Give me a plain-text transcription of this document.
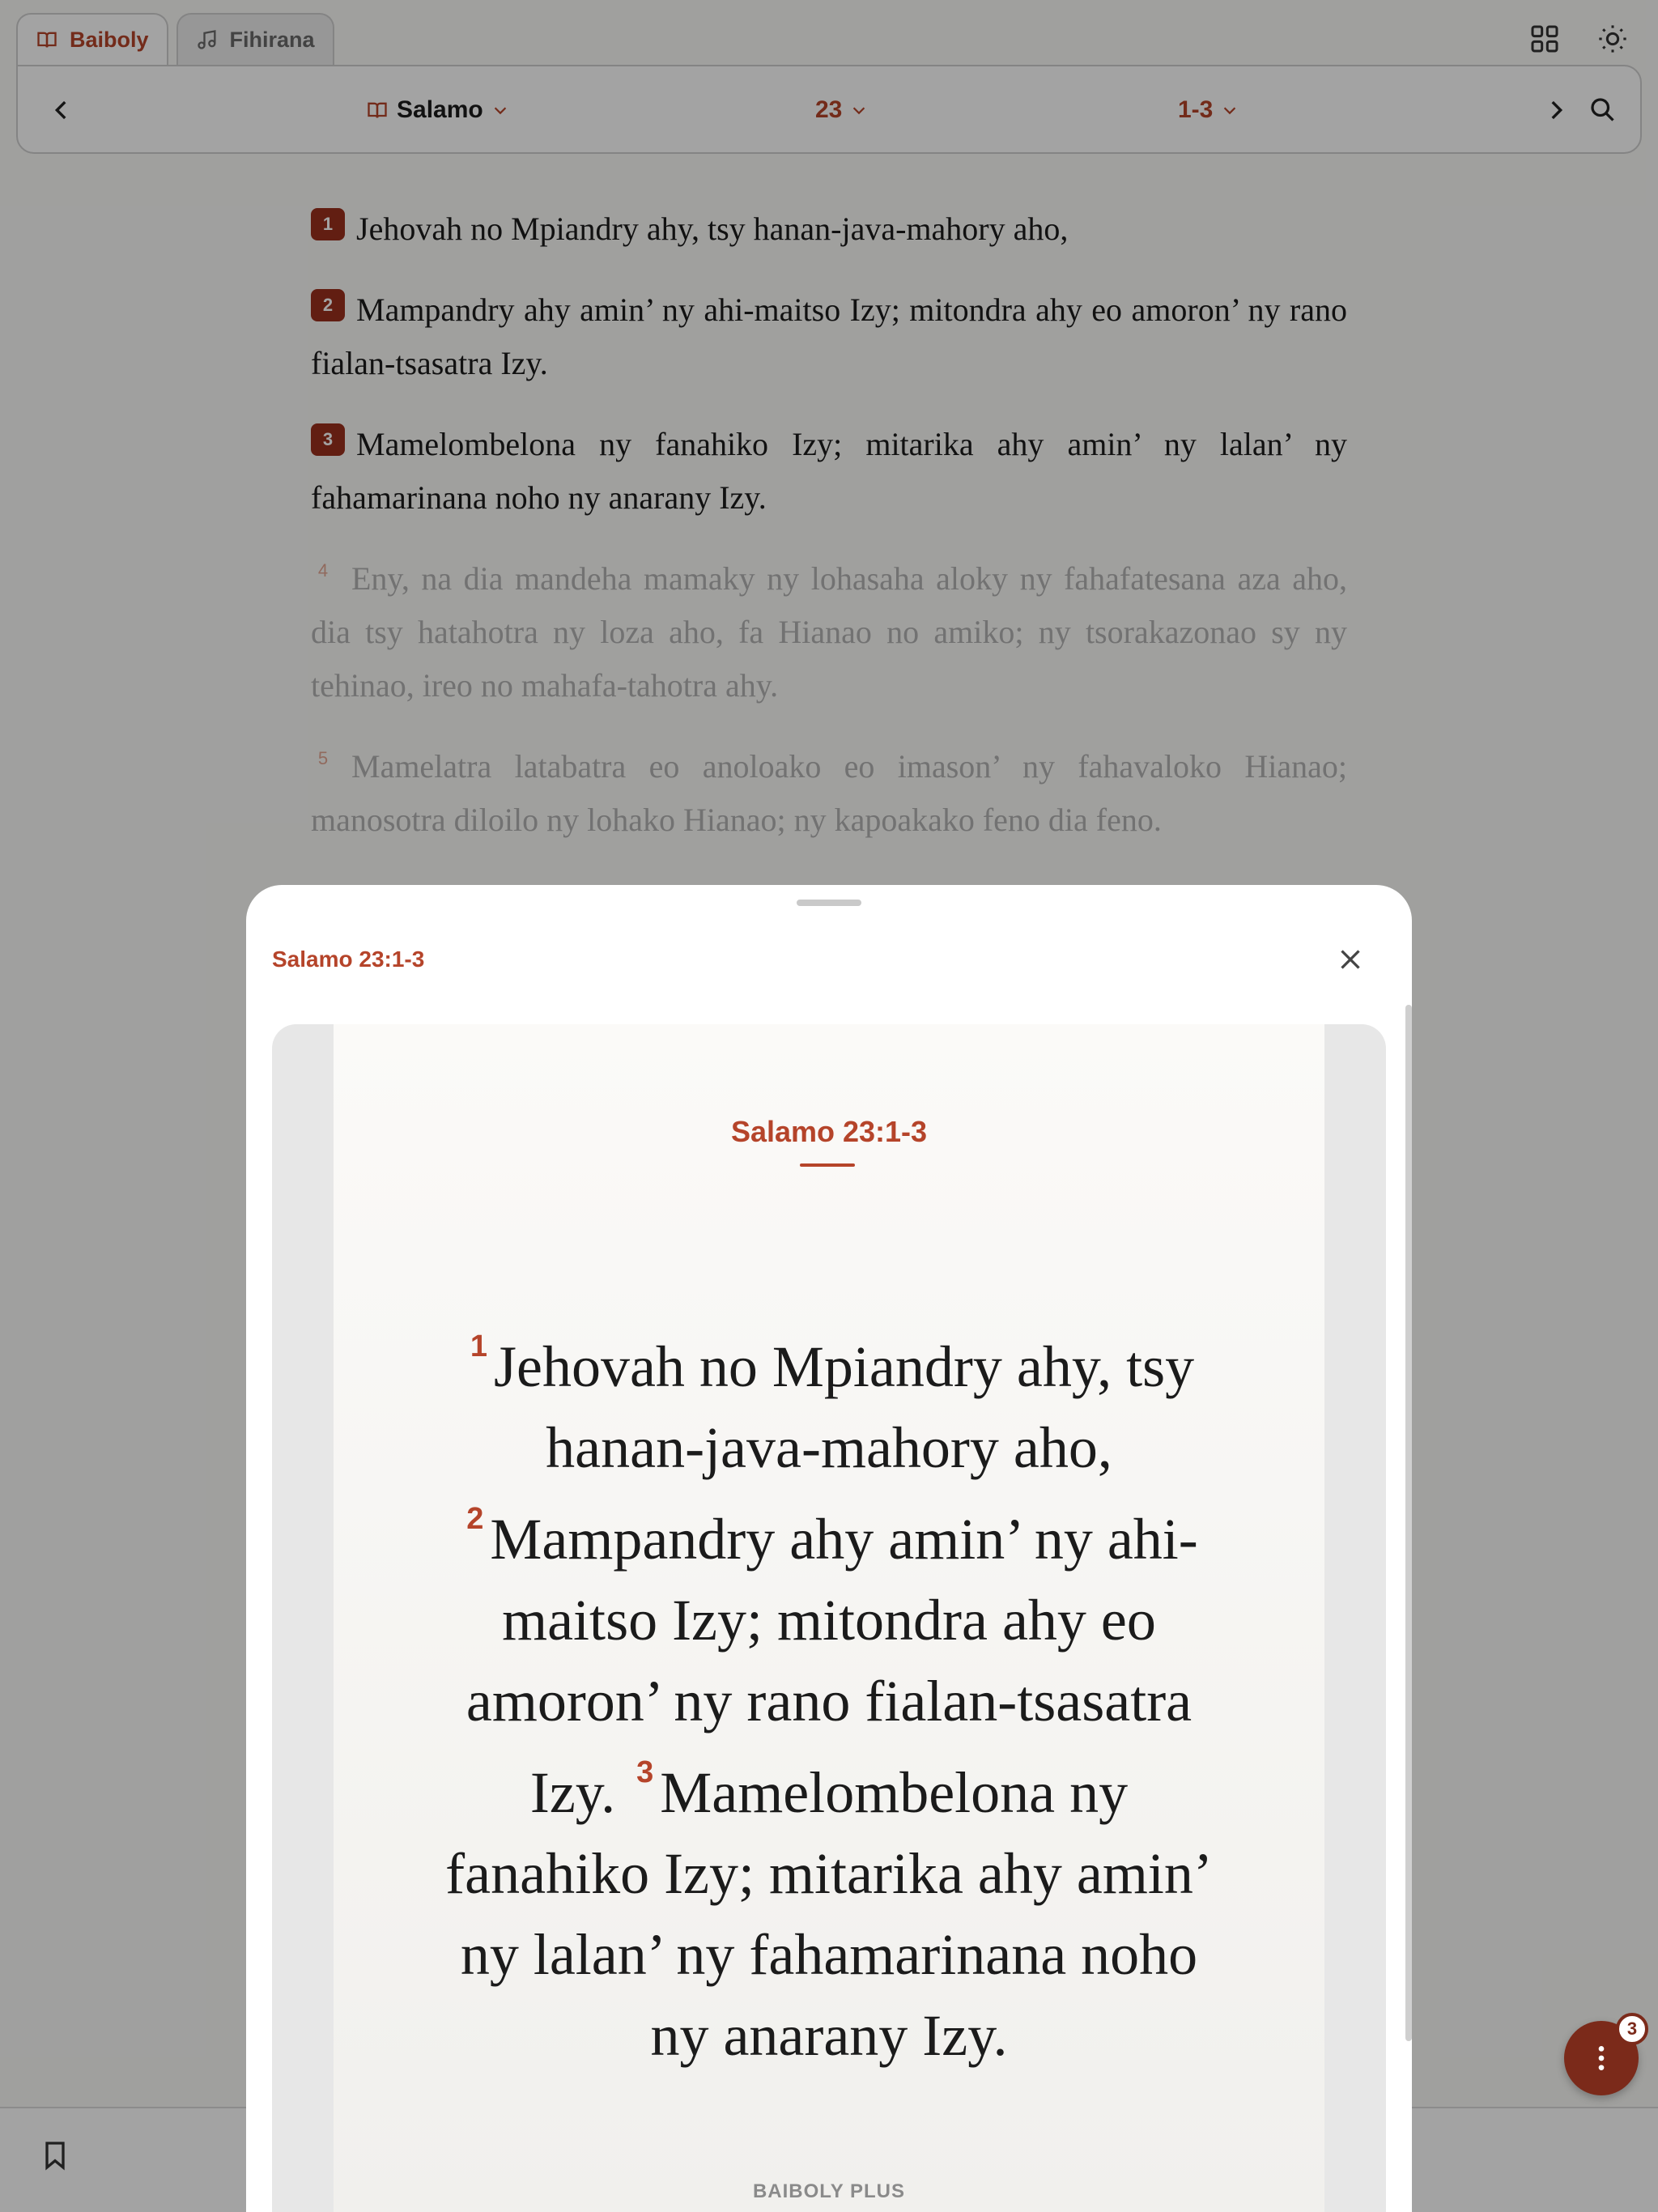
Baiboly	Fihirana
Salamo	23	1-3

1 Jehovah no Mpiandry ahy, tsy hanan-java-mahory aho,

2 Mampandry ahy amin’ ny ahi-maitso Izy; mitondra ahy eo amoron’ ny rano fialan-tsasatra Izy.

3 Mamelombelona ny fanahiko Izy; mitarika ahy amin’ ny lalan’ ny fahamarinana noho ny anarany Izy.

4 Eny, na dia mandeha mamaky ny lohasaha aloky ny fahafatesana aza aho, dia tsy hatahotra ny loza aho, fa Hianao no amiko; ny tsorakazonao sy ny tehinao, ireo no mahafa-tahotra ahy.

5 Mamelatra latabatra eo anoloako eo imason’ ny fahavaloko Hianao; manosotra diloilo ny lohako Hianao; ny kapoakako feno dia feno.

3
Salamo 23:1-3
Salamo 23:1-3
$^1$ Jehovah no Mpiandry ahy, tsy hanan-java-mahory aho, $^2$ Mampandry ahy amin’ ny ahi-maitso Izy; mitondra ahy eo amoron’ ny rano fialan-tsasatra Izy. $^3$ Mamelombelona ny fanahiko Izy; mitarika ahy amin’ ny lalan’ ny fahamarinana noho ny anarany Izy.
BAIBOLY PLUS
